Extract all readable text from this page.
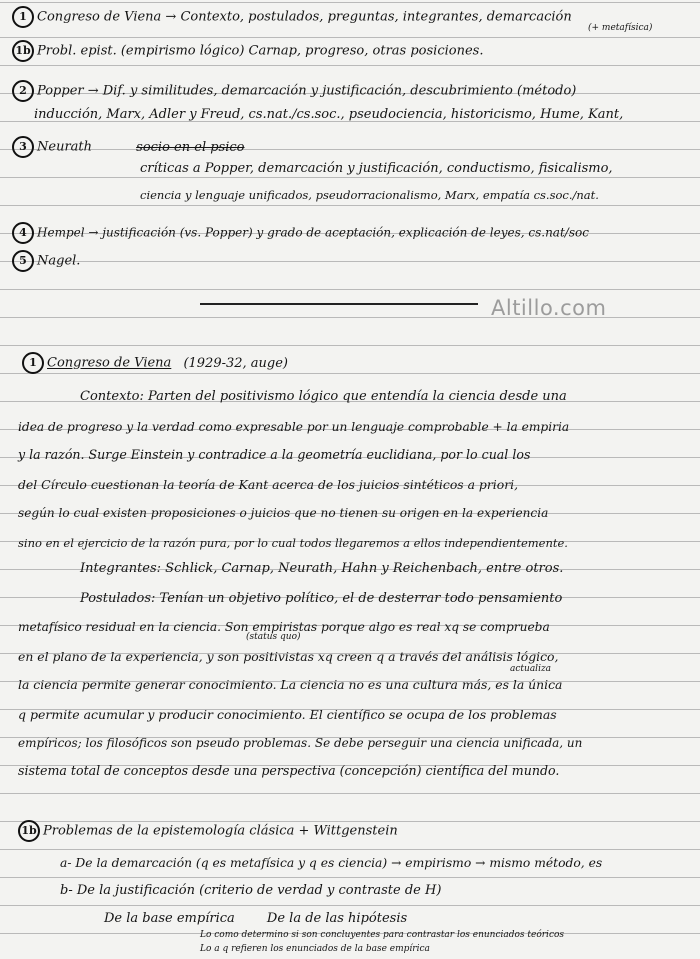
1 Congreso de Viena → Contexto, postulados, preguntas, integrantes, demarcación
(+ metafísica)
1b Probl. epist. (empirismo lógico) Carnap, progreso, otras posiciones.
2 Popper → Dif. y similitudes, demarcación y justificación, descubrimiento (método)
inducción, Marx, Adler y Freud, cs.nat./cs.soc., pseudociencia, historicismo, Hume, Kant,
3 Neurath	socio en el psico
críticas a Popper, demarcación y justificación, conductismo, fisicalismo,
ciencia y lenguaje unificados, pseudorracionalismo, Marx, empatía cs.soc./nat.
4 Hempel → justificación (vs. Popper) y grado de aceptación, explicación de leyes, cs.nat/soc
5 Nagel.
Altillo.com
1 Congreso de Viena (1929-32, auge)
Contexto: Parten del positivismo lógico que entendía la ciencia desde una
idea de progreso y la verdad como expresable por un lenguaje comprobable + la empiria
y la razón. Surge Einstein y contradice a la geometría euclidiana, por lo cual los
del Círculo cuestionan la teoría de Kant acerca de los juicios sintéticos a priori,
según lo cual existen proposiciones o juicios que no tienen su origen en la experiencia
sino en el ejercicio de la razón pura, por lo cual todos llegaremos a ellos independientemente.
Integrantes: Schlick, Carnap, Neurath, Hahn y Reichenbach, entre otros.
Postulados: Tenían un objetivo político, el de desterrar todo pensamiento
metafísico residual en la ciencia. Son empiristas porque algo es real xq se comprueba
(status quo)
en el plano de la experiencia, y son positivistas xq creen q a través del análisis lógico,
actualiza
la ciencia permite generar conocimiento. La ciencia no es una cultura más, es la única
q permite acumular y producir conocimiento. El científico se ocupa de los problemas
empíricos; los filosóficos son pseudo problemas. Se debe perseguir una ciencia unificada, un
sistema total de conceptos desde una perspectiva (concepción) científica del mundo.
1b Problemas de la epistemología clásica + Wittgenstein
a- De la demarcación (q es metafísica y q es ciencia) → empirismo → mismo método, es
b- De la justificación (criterio de verdad y contraste de H)
De la base empírica De la de las hipótesis
Lo como determino si son concluyentes para contrastar los enunciados teóricos
Lo a q refieren los enunciados de la base empírica
